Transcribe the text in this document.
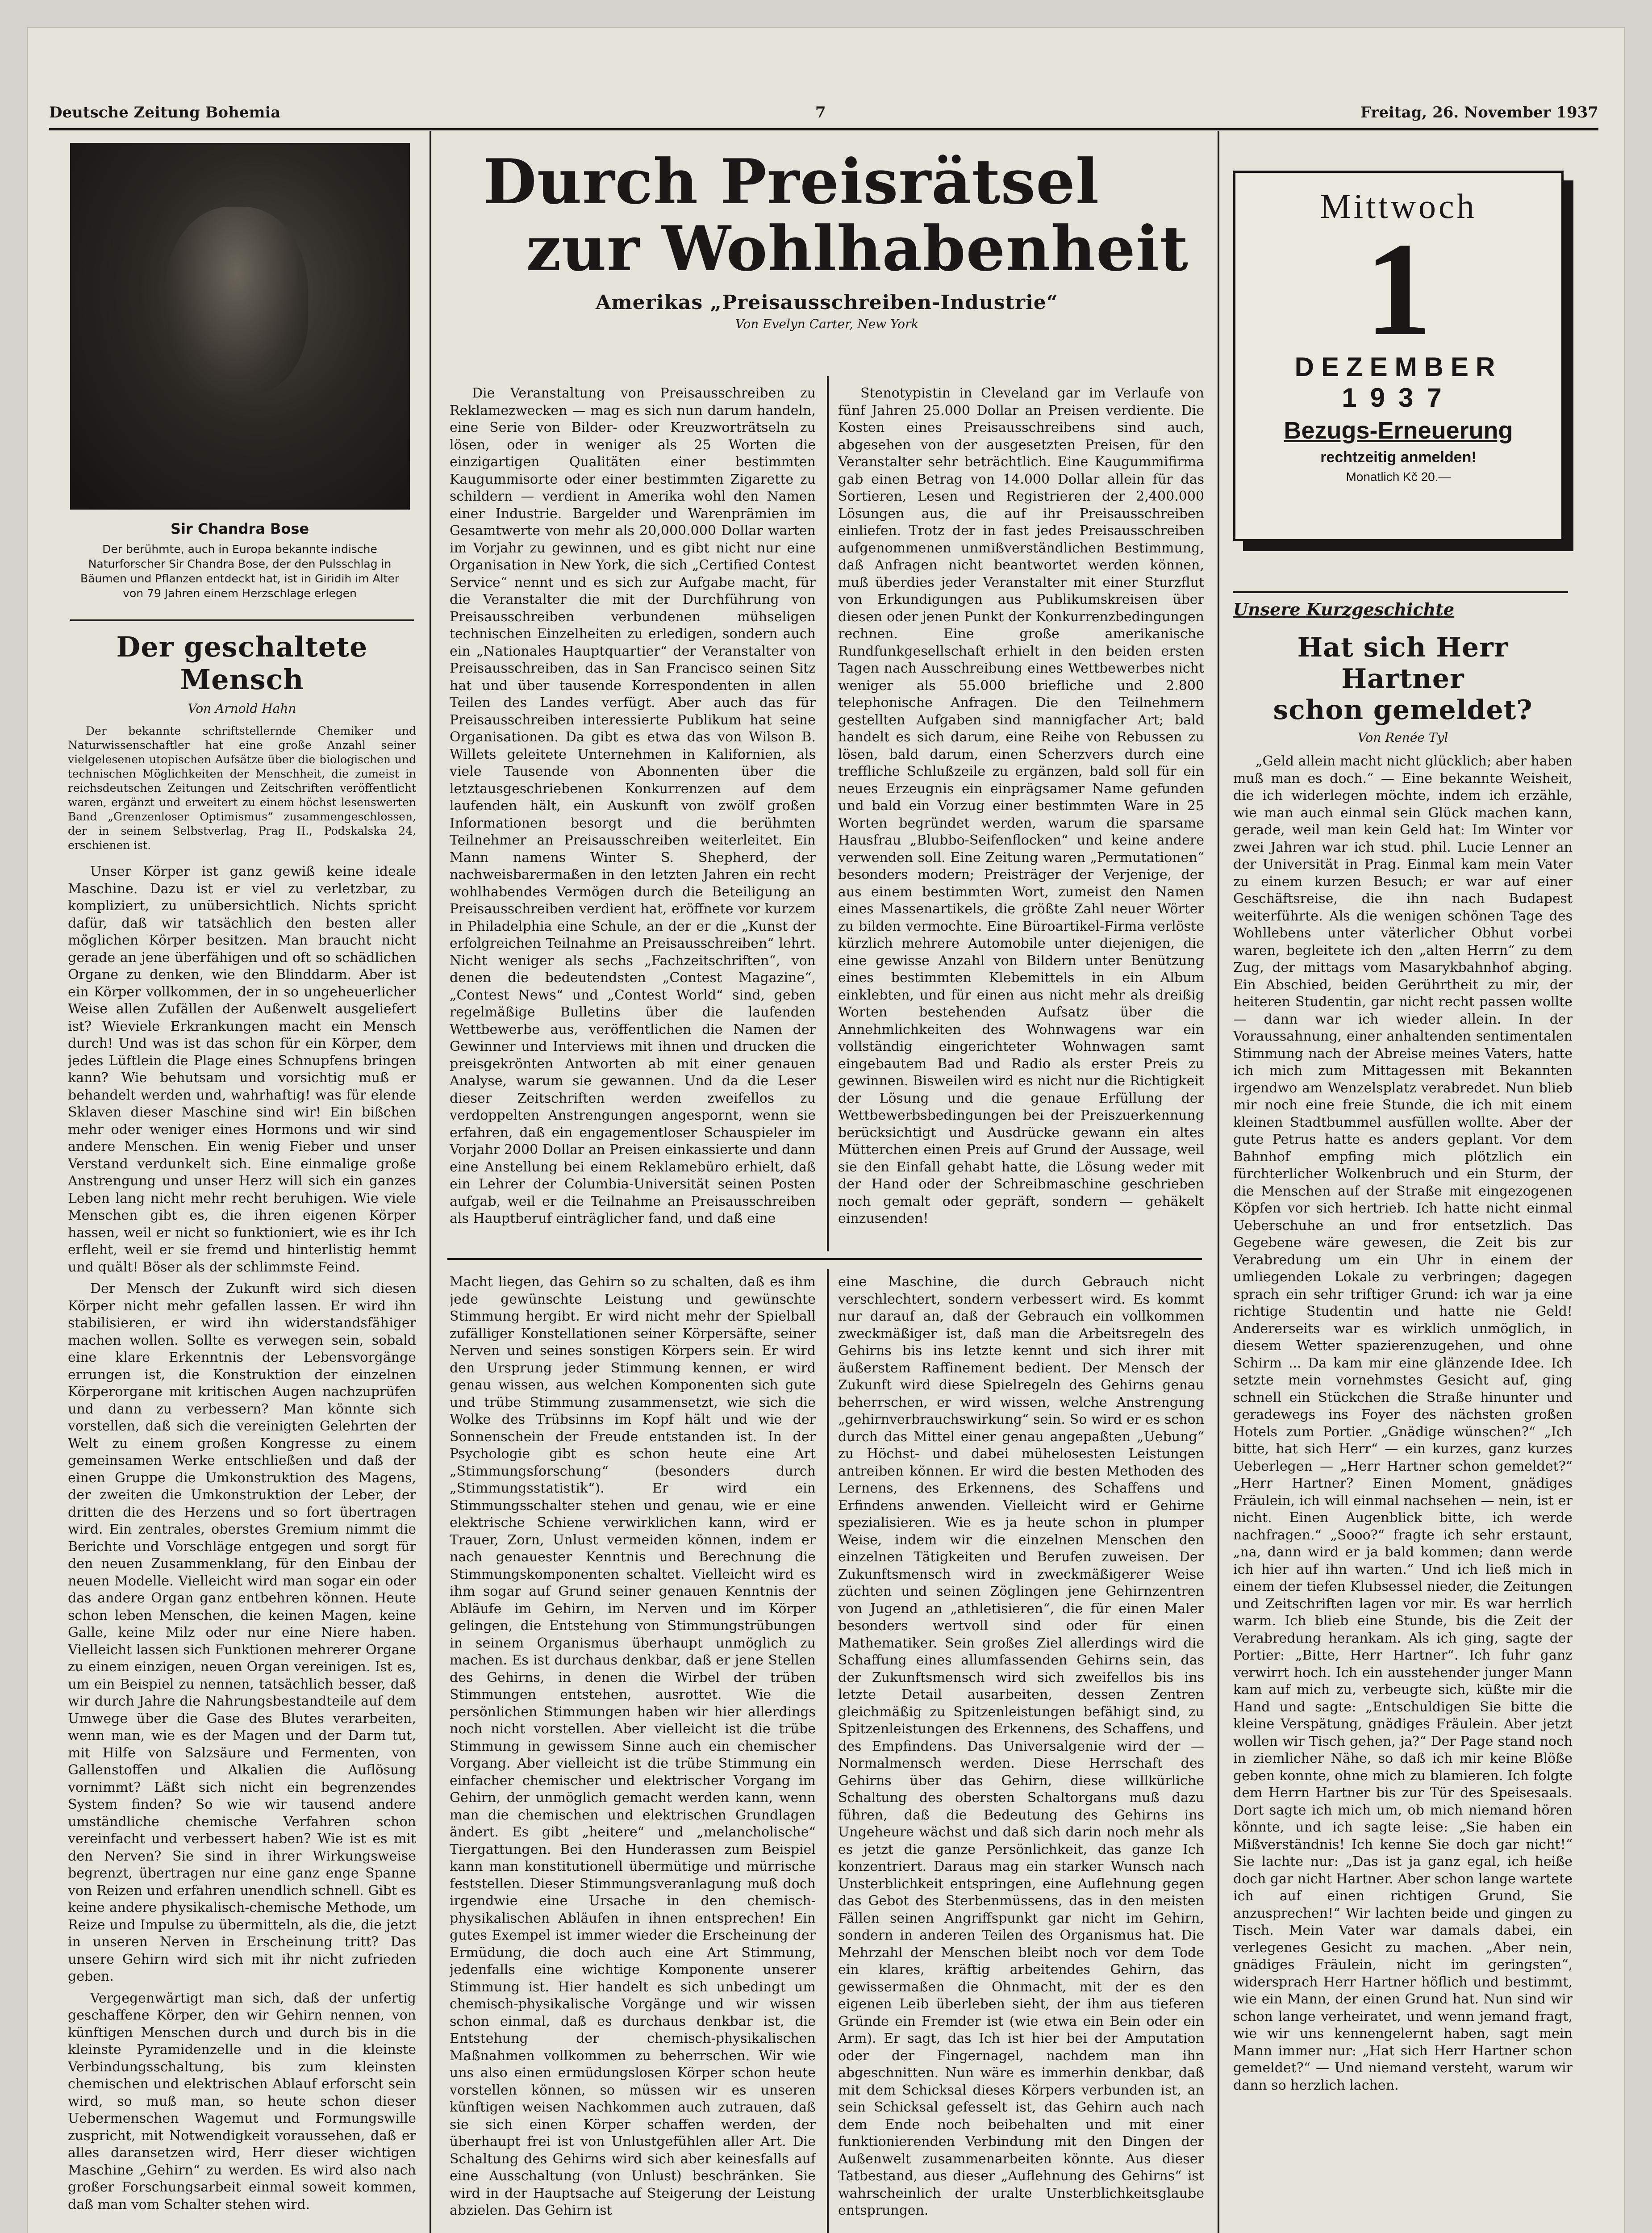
Deutsche Zeitung Bohemia	7	Freitag, 26. November 1937
Sir Chandra Bose
Der berühmte, auch in Europa bekannte indische Naturforscher Sir Chandra Bose, der den Pulsschlag in Bäumen und Pflanzen entdeckt hat, ist in Giridih im Alter von 79 Jahren einem Herzschlage erlegen
Der geschaltete Mensch
Von Arnold Hahn

Der bekannte schriftstellernde Chemiker und Naturwissenschaftler hat eine große Anzahl seiner vielgelesenen utopischen Aufsätze über die biologischen und technischen Möglichkeiten der Menschheit, die zumeist in reichsdeutschen Zeitungen und Zeitschriften veröffentlicht waren, ergänzt und erweitert zu einem höchst lesenswerten Band „Grenzenloser Optimismus“ zusammengeschlossen, der in seinem Selbstverlag, Prag II., Podskalska 24, erschienen ist.

Unser Körper ist ganz gewiß keine ideale Maschine. Dazu ist er viel zu verletzbar, zu kompliziert, zu unübersichtlich. Nichts spricht dafür, daß wir tatsächlich den besten aller möglichen Körper besitzen. Man braucht nicht gerade an jene überfähigen und oft so schädlichen Organe zu denken, wie den Blinddarm. Aber ist ein Körper vollkommen, der in so ungeheuerlicher Weise allen Zufällen der Außenwelt ausgeliefert ist? Wieviele Erkrankungen macht ein Mensch durch! Und was ist das schon für ein Körper, dem jedes Lüftlein die Plage eines Schnupfens bringen kann? Wie behutsam und vorsichtig muß er behandelt werden und, wahrhaftig! was für elende Sklaven dieser Maschine sind wir! Ein bißchen mehr oder weniger eines Hormons und wir sind andere Menschen. Ein wenig Fieber und unser Verstand verdunkelt sich. Eine einmalige große Anstrengung und unser Herz will sich ein ganzes Leben lang nicht mehr recht beruhigen. Wie viele Menschen gibt es, die ihren eigenen Körper hassen, weil er nicht so funktioniert, wie es ihr Ich erfleht, weil er sie fremd und hinterlistig hemmt und quält! Böser als der schlimmste Feind.

Der Mensch der Zukunft wird sich diesen Körper nicht mehr gefallen lassen. Er wird ihn stabilisieren, er wird ihn widerstandsfähiger machen wollen. Sollte es verwegen sein, sobald eine klare Erkenntnis der Lebensvorgänge errungen ist, die Konstruktion der einzelnen Körperorgane mit kritischen Augen nachzuprüfen und dann zu verbessern? Man könnte sich vorstellen, daß sich die vereinigten Gelehrten der Welt zu einem großen Kongresse zu einem gemeinsamen Werke entschließen und daß der einen Gruppe die Umkonstruktion des Magens, der zweiten die Umkonstruktion der Leber, der dritten die des Herzens und so fort übertragen wird. Ein zentrales, oberstes Gremium nimmt die Berichte und Vorschläge entgegen und sorgt für den neuen Zusammenklang, für den Einbau der neuen Modelle. Vielleicht wird man sogar ein oder das andere Organ ganz entbehren können. Heute schon leben Menschen, die keinen Magen, keine Galle, keine Milz oder nur eine Niere haben. Vielleicht lassen sich Funktionen mehrerer Organe zu einem einzigen, neuen Organ vereinigen. Ist es, um ein Beispiel zu nennen, tatsächlich besser, daß wir durch Jahre die Nahrungsbestandteile auf dem Umwege über die Gase des Blutes verarbeiten, wenn man, wie es der Magen und der Darm tut, mit Hilfe von Salzsäure und Fermenten, von Gallenstoffen und Alkalien die Auflösung vornimmt? Läßt sich nicht ein begrenzendes System finden? So wie wir tausend andere umständliche chemische Verfahren schon vereinfacht und verbessert haben? Wie ist es mit den Nerven? Sie sind in ihrer Wirkungsweise begrenzt, übertragen nur eine ganz enge Spanne von Reizen und erfahren unendlich schnell. Gibt es keine andere physikalisch-chemische Methode, um Reize und Impulse zu übermitteln, als die, die jetzt in unseren Nerven in Erscheinung tritt? Das unsere Gehirn wird sich mit ihr nicht zufrieden geben.

Vergegenwärtigt man sich, daß der unfertig geschaffene Körper, den wir Gehirn nennen, von künftigen Menschen durch und durch bis in die kleinste Pyramidenzelle und in die kleinste Verbindungsschaltung, bis zum kleinsten chemischen und elektrischen Ablauf erforscht sein wird, so muß man, so heute schon dieser Uebermenschen Wagemut und Formungswille zuspricht, mit Notwendigkeit voraussehen, daß er alles daransetzen wird, Herr dieser wichtigen Maschine „Gehirn“ zu werden. Es wird also nach großer Forschungsarbeit einmal soweit kommen, daß man vom Schalter stehen wird.

Durch Preisrätsel
zur Wohlhabenheit
Amerikas „Preisausschreiben-Industrie“
Von Evelyn Carter, New York

Die Veranstaltung von Preisausschreiben zu Reklamezwecken — mag es sich nun darum handeln, eine Serie von Bilder- oder Kreuzworträtseln zu lösen, oder in weniger als 25 Worten die einzigartigen Qualitäten einer bestimmten Kaugummisorte oder einer bestimmten Zigarette zu schildern — verdient in Amerika wohl den Namen einer Industrie. Bargelder und Warenprämien im Gesamtwerte von mehr als 20,000.000 Dollar warten im Vorjahr zu gewinnen, und es gibt nicht nur eine Organisation in New York, die sich „Certified Contest Service“ nennt und es sich zur Aufgabe macht, für die Veranstalter die mit der Durchführung von Preisausschreiben verbundenen mühseligen technischen Einzelheiten zu erledigen, sondern auch ein „Nationales Hauptquartier“ der Veranstalter von Preisausschreiben, das in San Francisco seinen Sitz hat und über tausende Korrespondenten in allen Teilen des Landes verfügt. Aber auch das für Preisausschreiben interessierte Publikum hat seine Organisationen. Da gibt es etwa das von Wilson B. Willets geleitete Unternehmen in Kalifornien, als viele Tausende von Abonnenten über die letztausgeschriebenen Konkurrenzen auf dem laufenden hält, ein Auskunft von zwölf großen Informationen besorgt und die berühmten Teilnehmer an Preisausschreiben weiterleitet. Ein Mann namens Winter S. Shepherd, der nachweisbarermaßen in den letzten Jahren ein recht wohlhabendes Vermögen durch die Beteiligung an Preisausschreiben verdient hat, eröffnete vor kurzem in Philadelphia eine Schule, an der er die „Kunst der erfolgreichen Teilnahme an Preisausschreiben“ lehrt. Nicht weniger als sechs „Fachzeitschriften“, von denen die bedeutendsten „Contest Magazine“, „Contest News“ und „Contest World“ sind, geben regelmäßige Bulletins über die laufenden Wettbewerbe aus, veröffentlichen die Namen der Gewinner und Interviews mit ihnen und drucken die preisgekrönten Antworten ab mit einer genauen Analyse, warum sie gewannen. Und da die Leser dieser Zeitschriften werden zweifellos zu verdoppelten Anstrengungen angespornt, wenn sie erfahren, daß ein engagementloser Schauspieler im Vorjahr 2000 Dollar an Preisen einkassierte und dann eine Anstellung bei einem Reklamebüro erhielt, daß ein Lehrer der Columbia-Universität seinen Posten aufgab, weil er die Teilnahme an Preisausschreiben als Hauptberuf einträglicher fand, und daß eine

Stenotypistin in Cleveland gar im Verlaufe von fünf Jahren 25.000 Dollar an Preisen verdiente. Die Kosten eines Preisausschreibens sind auch, abgesehen von der ausgesetzten Preisen, für den Veranstalter sehr beträchtlich. Eine Kaugummifirma gab einen Betrag von 14.000 Dollar allein für das Sortieren, Lesen und Registrieren der 2,400.000 Lösungen aus, die auf ihr Preisausschreiben einliefen. Trotz der in fast jedes Preisausschreiben aufgenommenen unmißverständlichen Bestimmung, daß Anfragen nicht beantwortet werden können, muß überdies jeder Veranstalter mit einer Sturzflut von Erkundigungen aus Publikumskreisen über diesen oder jenen Punkt der Konkurrenzbedingungen rechnen. Eine große amerikanische Rundfunkgesellschaft erhielt in den beiden ersten Tagen nach Ausschreibung eines Wettbewerbes nicht weniger als 55.000 briefliche und 2.800 telephonische Anfragen. Die den Teilnehmern gestellten Aufgaben sind mannigfacher Art; bald handelt es sich darum, eine Reihe von Rebussen zu lösen, bald darum, einen Scherzvers durch eine treffliche Schlußzeile zu ergänzen, bald soll für ein neues Erzeugnis ein einprägsamer Name gefunden und bald ein Vorzug einer bestimmten Ware in 25 Worten begründet werden, warum die sparsame Hausfrau „Blubbo-Seifenflocken“ und keine andere verwenden soll. Eine Zeitung waren „Permutationen“ besonders modern; Preisträger der Verjenige, der aus einem bestimmten Wort, zumeist den Namen eines Massenartikels, die größte Zahl neuer Wörter zu bilden vermochte. Eine Büroartikel-Firma verlöste kürzlich mehrere Automobile unter diejenigen, die eine gewisse Anzahl von Bildern unter Benützung eines bestimmten Klebemittels in ein Album einklebten, und für einen aus nicht mehr als dreißig Worten bestehenden Aufsatz über die Annehmlichkeiten des Wohnwagens war ein vollständig eingerichteter Wohnwagen samt eingebautem Bad und Radio als erster Preis zu gewinnen. Bisweilen wird es nicht nur die Richtigkeit der Lösung und die genaue Erfüllung der Wettbewerbsbedingungen bei der Preiszuerkennung berücksichtigt und Ausdrücke gewann ein altes Mütterchen einen Preis auf Grund der Aussage, weil sie den Einfall gehabt hatte, die Lösung weder mit der Hand oder der Schreibmaschine geschrieben noch gemalt oder gepräft, sondern — gehäkelt einzusenden!

Macht liegen, das Gehirn so zu schalten, daß es ihm jede gewünschte Leistung und gewünschte Stimmung hergibt. Er wird nicht mehr der Spielball zufälliger Konstellationen seiner Körpersäfte, seiner Nerven und seines sonstigen Körpers sein. Er wird den Ursprung jeder Stimmung kennen, er wird genau wissen, aus welchen Komponenten sich gute und trübe Stimmung zusammensetzt, wie sich die Wolke des Trübsinns im Kopf hält und wie der Sonnenschein der Freude entstanden ist. In der Psychologie gibt es schon heute eine Art „Stimmungsforschung“ (besonders durch „Stimmungsstatistik“). Er wird ein Stimmungsschalter stehen und genau, wie er eine elektrische Schiene verwirklichen kann, wird er Trauer, Zorn, Unlust vermeiden können, indem er nach genauester Kenntnis und Berechnung die Stimmungskomponenten schaltet. Vielleicht wird es ihm sogar auf Grund seiner genauen Kenntnis der Abläufe im Gehirn, im Nerven und im Körper gelingen, die Entstehung von Stimmungstrübungen in seinem Organismus überhaupt unmöglich zu machen. Es ist durchaus denkbar, daß er jene Stellen des Gehirns, in denen die Wirbel der trüben Stimmungen entstehen, ausrottet. Wie die persönlichen Stimmungen haben wir hier allerdings noch nicht vorstellen. Aber vielleicht ist die trübe Stimmung in gewissem Sinne auch ein chemischer Vorgang. Aber vielleicht ist die trübe Stimmung ein einfacher chemischer und elektrischer Vorgang im Gehirn, der unmöglich gemacht werden kann, wenn man die chemischen und elektrischen Grundlagen ändert. Es gibt „heitere“ und „melancholische“ Tiergattungen. Bei den Hunderassen zum Beispiel kann man konstitutionell übermütige und mürrische feststellen. Dieser Stimmungsveranlagung muß doch irgendwie eine Ursache in den chemisch-physikalischen Abläufen in ihnen entsprechen! Ein gutes Exempel ist immer wieder die Erscheinung der Ermüdung, die doch auch eine Art Stimmung, jedenfalls eine wichtige Komponente unserer Stimmung ist. Hier handelt es sich unbedingt um chemisch-physikalische Vorgänge und wir wissen schon einmal, daß es durchaus denkbar ist, die Entstehung der chemisch-physikalischen Maßnahmen vollkommen zu beherrschen. Wir wie uns also einen ermüdungslosen Körper schon heute vorstellen können, so müssen wir es unseren künftigen weisen Nachkommen auch zutrauen, daß sie sich einen Körper schaffen werden, der überhaupt frei ist von Unlustgefühlen aller Art. Die Schaltung des Gehirns wird sich aber keinesfalls auf eine Ausschaltung (von Unlust) beschränken. Sie wird in der Hauptsache auf Steigerung der Leistung abzielen. Das Gehirn ist

eine Maschine, die durch Gebrauch nicht verschlechtert, sondern verbessert wird. Es kommt nur darauf an, daß der Gebrauch ein vollkommen zweckmäßiger ist, daß man die Arbeitsregeln des Gehirns bis ins letzte kennt und sich ihrer mit äußerstem Raffinement bedient. Der Mensch der Zukunft wird diese Spielregeln des Gehirns genau beherrschen, er wird wissen, welche Anstrengung „gehirnverbrauchswirkung“ sein. So wird er es schon durch das Mittel einer genau angepaßten „Uebung“ zu Höchst- und dabei mühelosesten Leistungen antreiben können. Er wird die besten Methoden des Lernens, des Erkennens, des Schaffens und Erfindens anwenden. Vielleicht wird er Gehirne spezialisieren. Wie es ja heute schon in plumper Weise, indem wir die einzelnen Menschen den einzelnen Tätigkeiten und Berufen zuweisen. Der Zukunftsmensch wird in zweckmäßigerer Weise züchten und seinen Zöglingen jene Gehirnzentren von Jugend an „athletisieren“, die für einen Maler besonders wertvoll sind oder für einen Mathematiker. Sein großes Ziel allerdings wird die Schaffung eines allumfassenden Gehirns sein, das der Zukunftsmensch wird sich zweifellos bis ins letzte Detail ausarbeiten, dessen Zentren gleichmäßig zu Spitzenleistungen befähigt sind, zu Spitzenleistungen des Erkennens, des Schaffens, und des Empfindens. Das Universalgenie wird der — Normalmensch werden. Diese Herrschaft des Gehirns über das Gehirn, diese willkürliche Schaltung des obersten Schaltorgans muß dazu führen, daß die Bedeutung des Gehirns ins Ungeheure wächst und daß sich darin noch mehr als es jetzt die ganze Persönlichkeit, das ganze Ich konzentriert. Daraus mag ein starker Wunsch nach Unsterblichkeit entspringen, eine Auflehnung gegen das Gebot des Sterbenmüssens, das in den meisten Fällen seinen Angriffspunkt gar nicht im Gehirn, sondern in anderen Teilen des Organismus hat. Die Mehrzahl der Menschen bleibt noch vor dem Tode ein klares, kräftig arbeitendes Gehirn, das gewissermaßen die Ohnmacht, mit der es den eigenen Leib überleben sieht, der ihm aus tieferen Gründe ein Fremder ist (wie etwa ein Bein oder ein Arm). Er sagt, das Ich ist hier bei der Amputation oder der Fingernagel, nachdem man ihn abgeschnitten. Nun wäre es immerhin denkbar, daß mit dem Schicksal dieses Körpers verbunden ist, an sein Schicksal gefesselt ist, das Gehirn auch nach dem Ende noch beibehalten und mit einer funktionierenden Verbindung mit den Dingen der Außenwelt zusammenarbeiten könnte. Aus dieser Tatbestand, aus dieser „Auflehnung des Gehirns“ ist wahrscheinlich der uralte Unsterblichkeitsglaube entsprungen.

Mittwoch
1
DEZEMBER
1937
Bezugs-Erneuerung
rechtzeitig anmelden!
Monatlich Kč 20.—
Unsere Kurzgeschichte
Hat sich Herr Hartner
schon gemeldet?
Von Renée Tyl

„Geld allein macht nicht glücklich; aber haben muß man es doch.“ — Eine bekannte Weisheit, die ich widerlegen möchte, indem ich erzähle, wie man auch einmal sein Glück machen kann, gerade, weil man kein Geld hat: Im Winter vor zwei Jahren war ich stud. phil. Lucie Lenner an der Universität in Prag. Einmal kam mein Vater zu einem kurzen Besuch; er war auf einer Geschäftsreise, die ihn nach Budapest weiterführte. Als die wenigen schönen Tage des Wohllebens unter väterlicher Obhut vorbei waren, begleitete ich den „alten Herrn“ zu dem Zug, der mittags vom Masarykbahnhof abging. Ein Abschied, beiden Gerührtheit zu mir, der heiteren Studentin, gar nicht recht passen wollte — dann war ich wieder allein. In der Voraussahnung, einer anhaltenden sentimentalen Stimmung nach der Abreise meines Vaters, hatte ich mich zum Mittagessen mit Bekannten irgendwo am Wenzelsplatz verabredet. Nun blieb mir noch eine freie Stunde, die ich mit einem kleinen Stadtbummel ausfüllen wollte. Aber der gute Petrus hatte es anders geplant. Vor dem Bahnhof empfing mich plötzlich ein fürchterlicher Wolkenbruch und ein Sturm, der die Menschen auf der Straße mit eingezogenen Köpfen vor sich hertrieb. Ich hatte nicht einmal Ueberschuhe an und fror entsetzlich. Das Gegebene wäre gewesen, die Zeit bis zur Verabredung um ein Uhr in einem der umliegenden Lokale zu verbringen; dagegen sprach ein sehr triftiger Grund: ich war ja eine richtige Studentin und hatte nie Geld! Andererseits war es wirklich unmöglich, in diesem Wetter spazierenzugehen, und ohne Schirm ... Da kam mir eine glänzende Idee. Ich setzte mein vornehmstes Gesicht auf, ging schnell ein Stückchen die Straße hinunter und geradewegs ins Foyer des nächsten großen Hotels zum Portier. „Gnädige wünschen?“ „Ich bitte, hat sich Herr“ — ein kurzes, ganz kurzes Ueberlegen — „Herr Hartner schon gemeldet?“ „Herr Hartner? Einen Moment, gnädiges Fräulein, ich will einmal nachsehen — nein, ist er nicht. Einen Augenblick bitte, ich werde nachfragen.“ „Sooo?“ fragte ich sehr erstaunt, „na, dann wird er ja bald kommen; dann werde ich hier auf ihn warten.“ Und ich ließ mich in einem der tiefen Klubsessel nieder, die Zeitungen und Zeitschriften lagen vor mir. Es war herrlich warm. Ich blieb eine Stunde, bis die Zeit der Verabredung herankam. Als ich ging, sagte der Portier: „Bitte, Herr Hartner“. Ich fuhr ganz verwirrt hoch. Ich ein ausstehender junger Mann kam auf mich zu, verbeugte sich, küßte mir die Hand und sagte: „Entschuldigen Sie bitte die kleine Verspätung, gnädiges Fräulein. Aber jetzt wollen wir Tisch gehen, ja?“ Der Page stand noch in ziemlicher Nähe, so daß ich mir keine Blöße geben konnte, ohne mich zu blamieren. Ich folgte dem Herrn Hartner bis zur Tür des Speisesaals. Dort sagte ich mich um, ob mich niemand hören könnte, und ich sagte leise: „Sie haben ein Mißverständnis! Ich kenne Sie doch gar nicht!“ Sie lachte nur: „Das ist ja ganz egal, ich heiße doch gar nicht Hartner. Aber schon lange wartete ich auf einen richtigen Grund, Sie anzusprechen!“ Wir lachten beide und gingen zu Tisch. Mein Vater war damals dabei, ein verlegenes Gesicht zu machen. „Aber nein, gnädiges Fräulein, nicht im geringsten“, widersprach Herr Hartner höflich und bestimmt, wie ein Mann, der einen Grund hat. Nun sind wir schon lange verheiratet, und wenn jemand fragt, wie wir uns kennengelernt haben, sagt mein Mann immer nur: „Hat sich Herr Hartner schon gemeldet?“ — Und niemand versteht, warum wir dann so herzlich lachen.
